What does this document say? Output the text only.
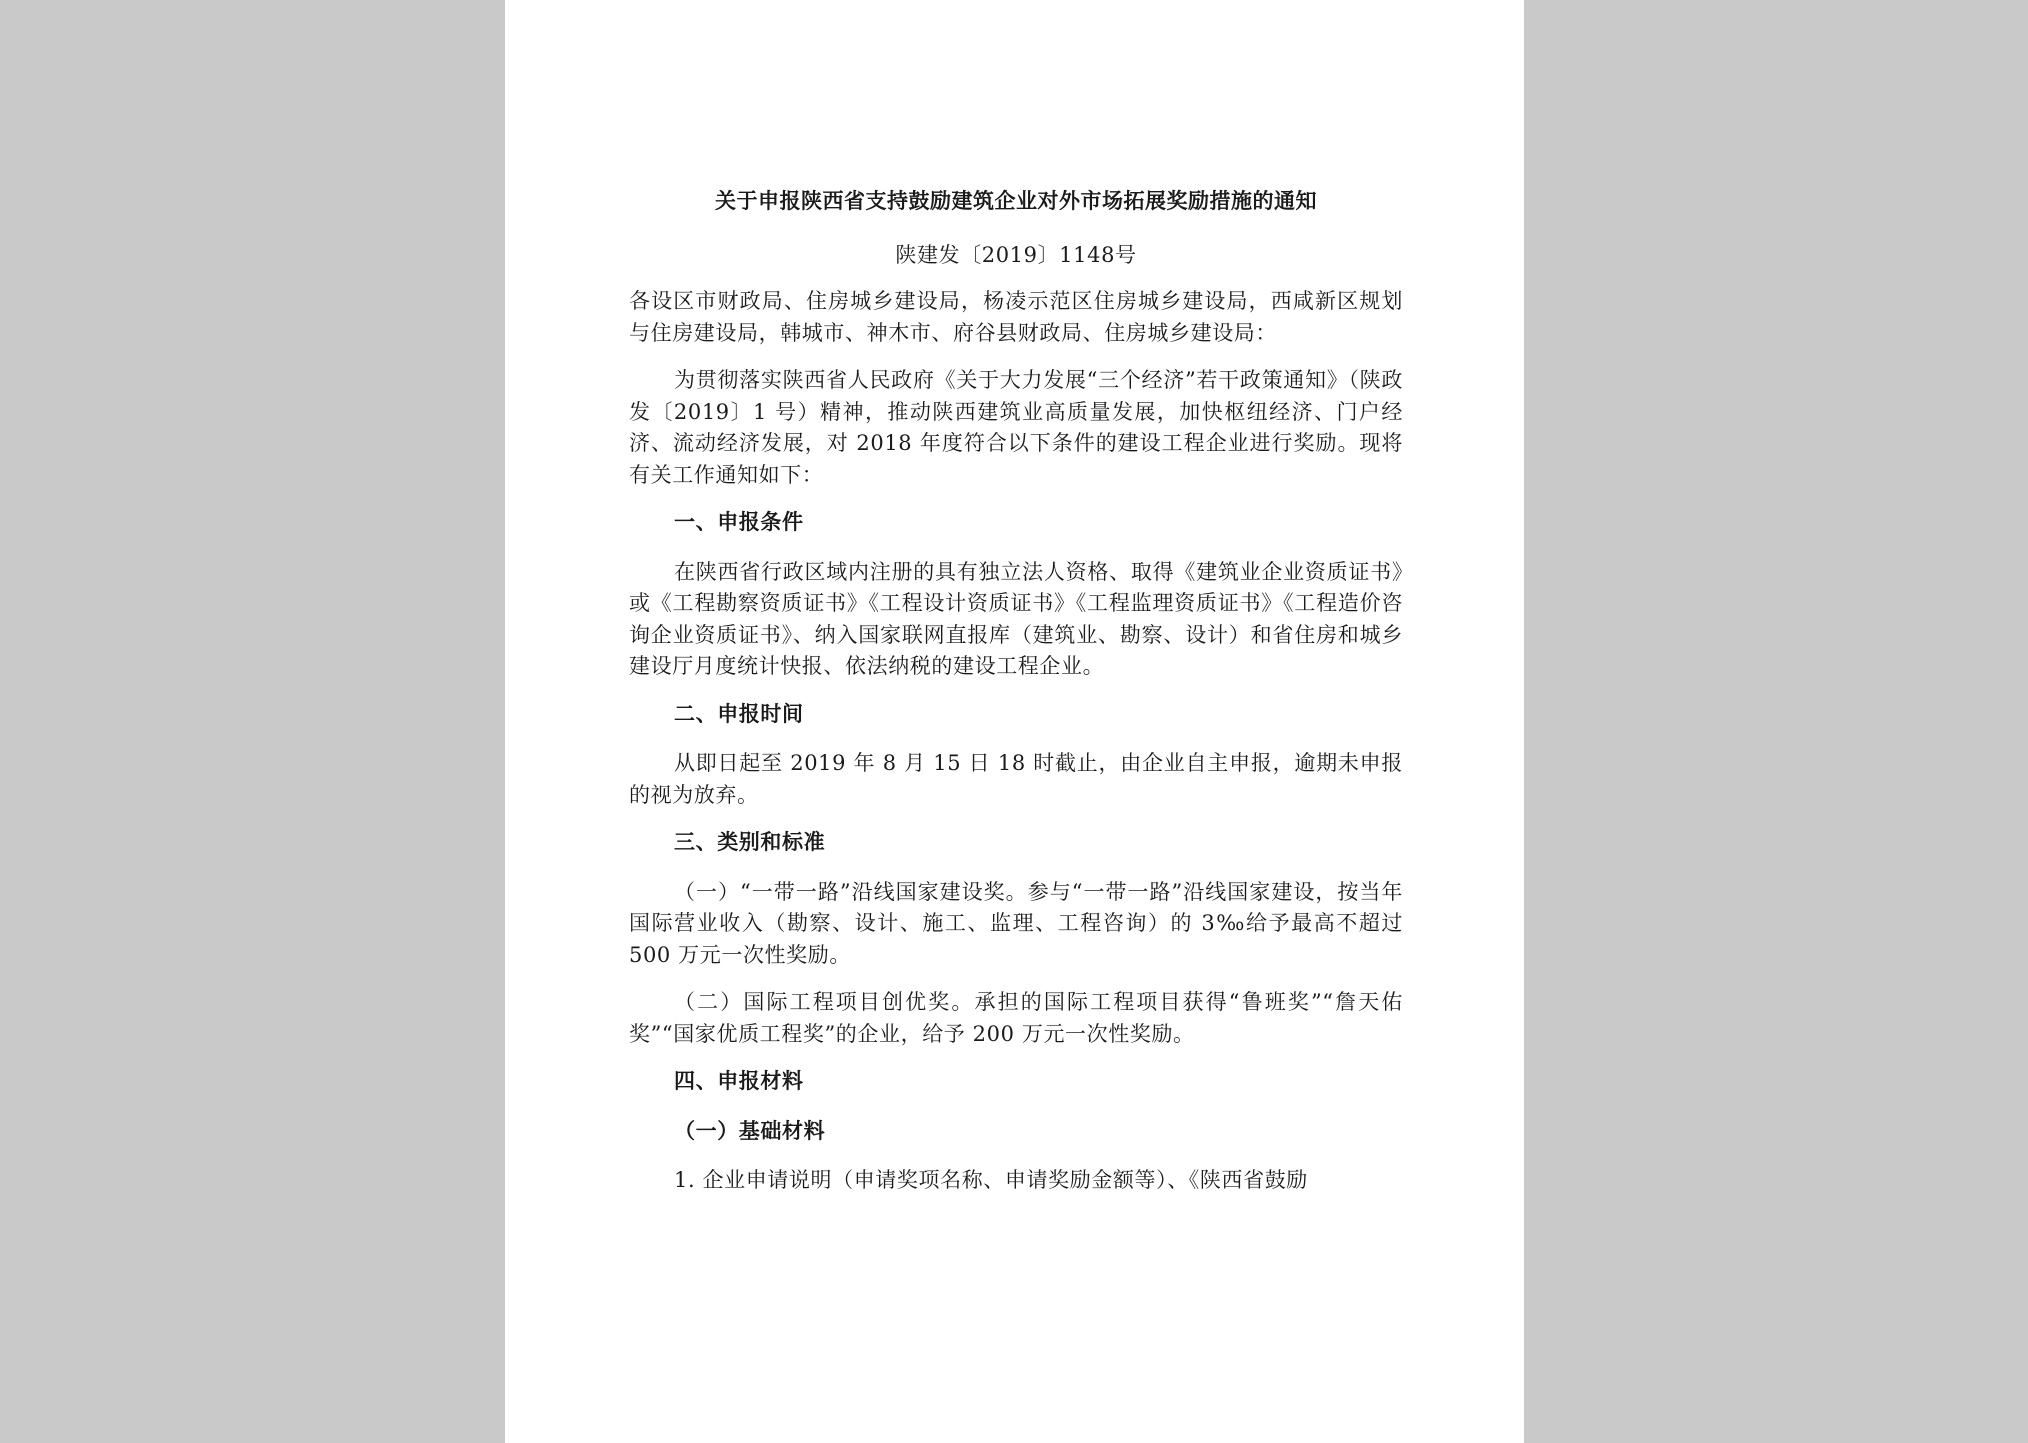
关于申报陕西省支持鼓励建筑企业对外市场拓展奖励措施的通知
陕建发〔2019〕1148号

各设区市财政局、住房城乡建设局，杨凌示范区住房城乡建设局，西咸新区规划与住房建设局，韩城市、神木市、府谷县财政局、住房城乡建设局：

为贯彻落实陕西省人民政府《关于大力发展“三个经济”若干政策通知》（陕政发〔2019〕1 号）精神，推动陕西建筑业高质量发展，加快枢纽经济、门户经济、流动经济发展，对 2018 年度符合以下条件的建设工程企业进行奖励。现将有关工作通知如下：

一、申报条件

在陕西省行政区域内注册的具有独立法人资格、取得《建筑业企业资质证书》或《工程勘察资质证书》《工程设计资质证书》《工程监理资质证书》《工程造价咨询企业资质证书》、纳入国家联网直报库（建筑业、勘察、设计）和省住房和城乡建设厅月度统计快报、依法纳税的建设工程企业。

二、申报时间

从即日起至 2019 年 8 月 15 日 18 时截止，由企业自主申报，逾期未申报的视为放弃。

三、类别和标准

（一）“一带一路”沿线国家建设奖。参与“一带一路”沿线国家建设，按当年国际营业收入（勘察、设计、施工、监理、工程咨询）的 3‰给予最高不超过 500 万元一次性奖励。

（二）国际工程项目创优奖。承担的国际工程项目获得“鲁班奖”“詹天佑奖”“国家优质工程奖”的企业，给予 200 万元一次性奖励。

四、申报材料
（一）基础材料

1. 企业申请说明（申请奖项名称、申请奖励金额等）、《陕西省鼓励
